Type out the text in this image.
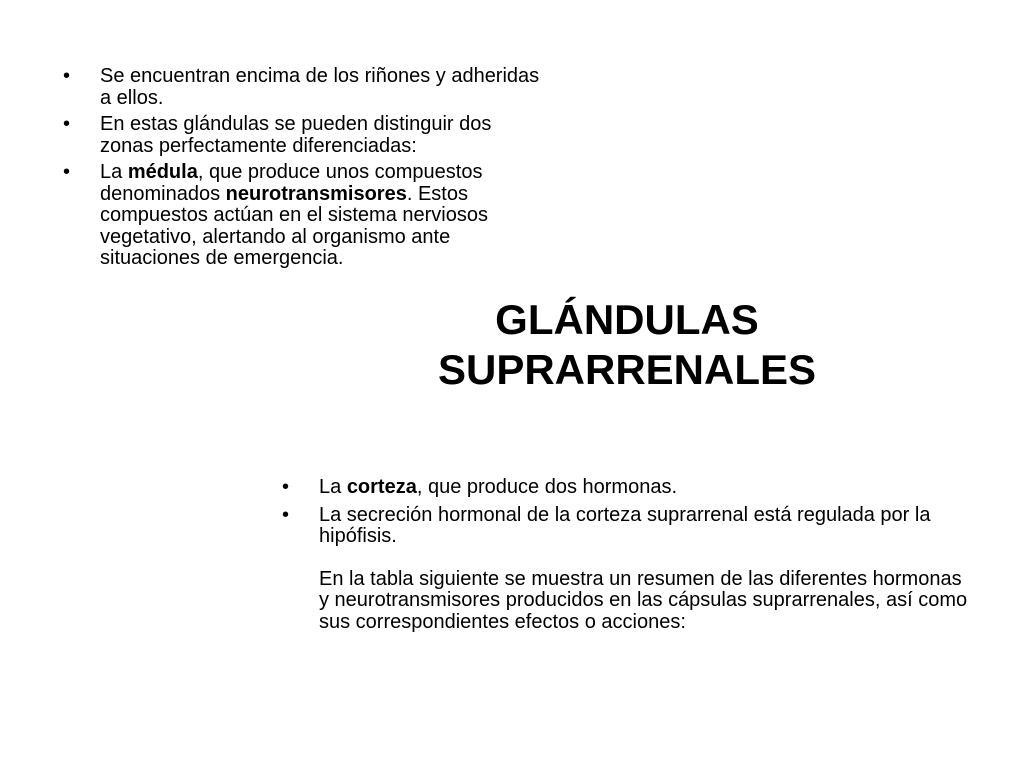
• Se encuentran encima de los riñones y adheridas a ellos.
• En estas glándulas se pueden distinguir dos zonas perfectamente diferenciadas:
• La médula, que produce unos compuestos denominados neurotransmisores. Estos compuestos actúan en el sistema nerviosos vegetativo, alertando al organismo ante situaciones de emergencia.
GLÁNDULAS
SUPRARRENALES
• La corteza, que produce dos hormonas.
• La secreción hormonal de la corteza suprarrenal está regulada por la hipófisis.
En la tabla siguiente se muestra un resumen de las diferentes hormonas y neurotransmisores producidos en las cápsulas suprarrenales, así como sus correspondientes efectos o acciones:
